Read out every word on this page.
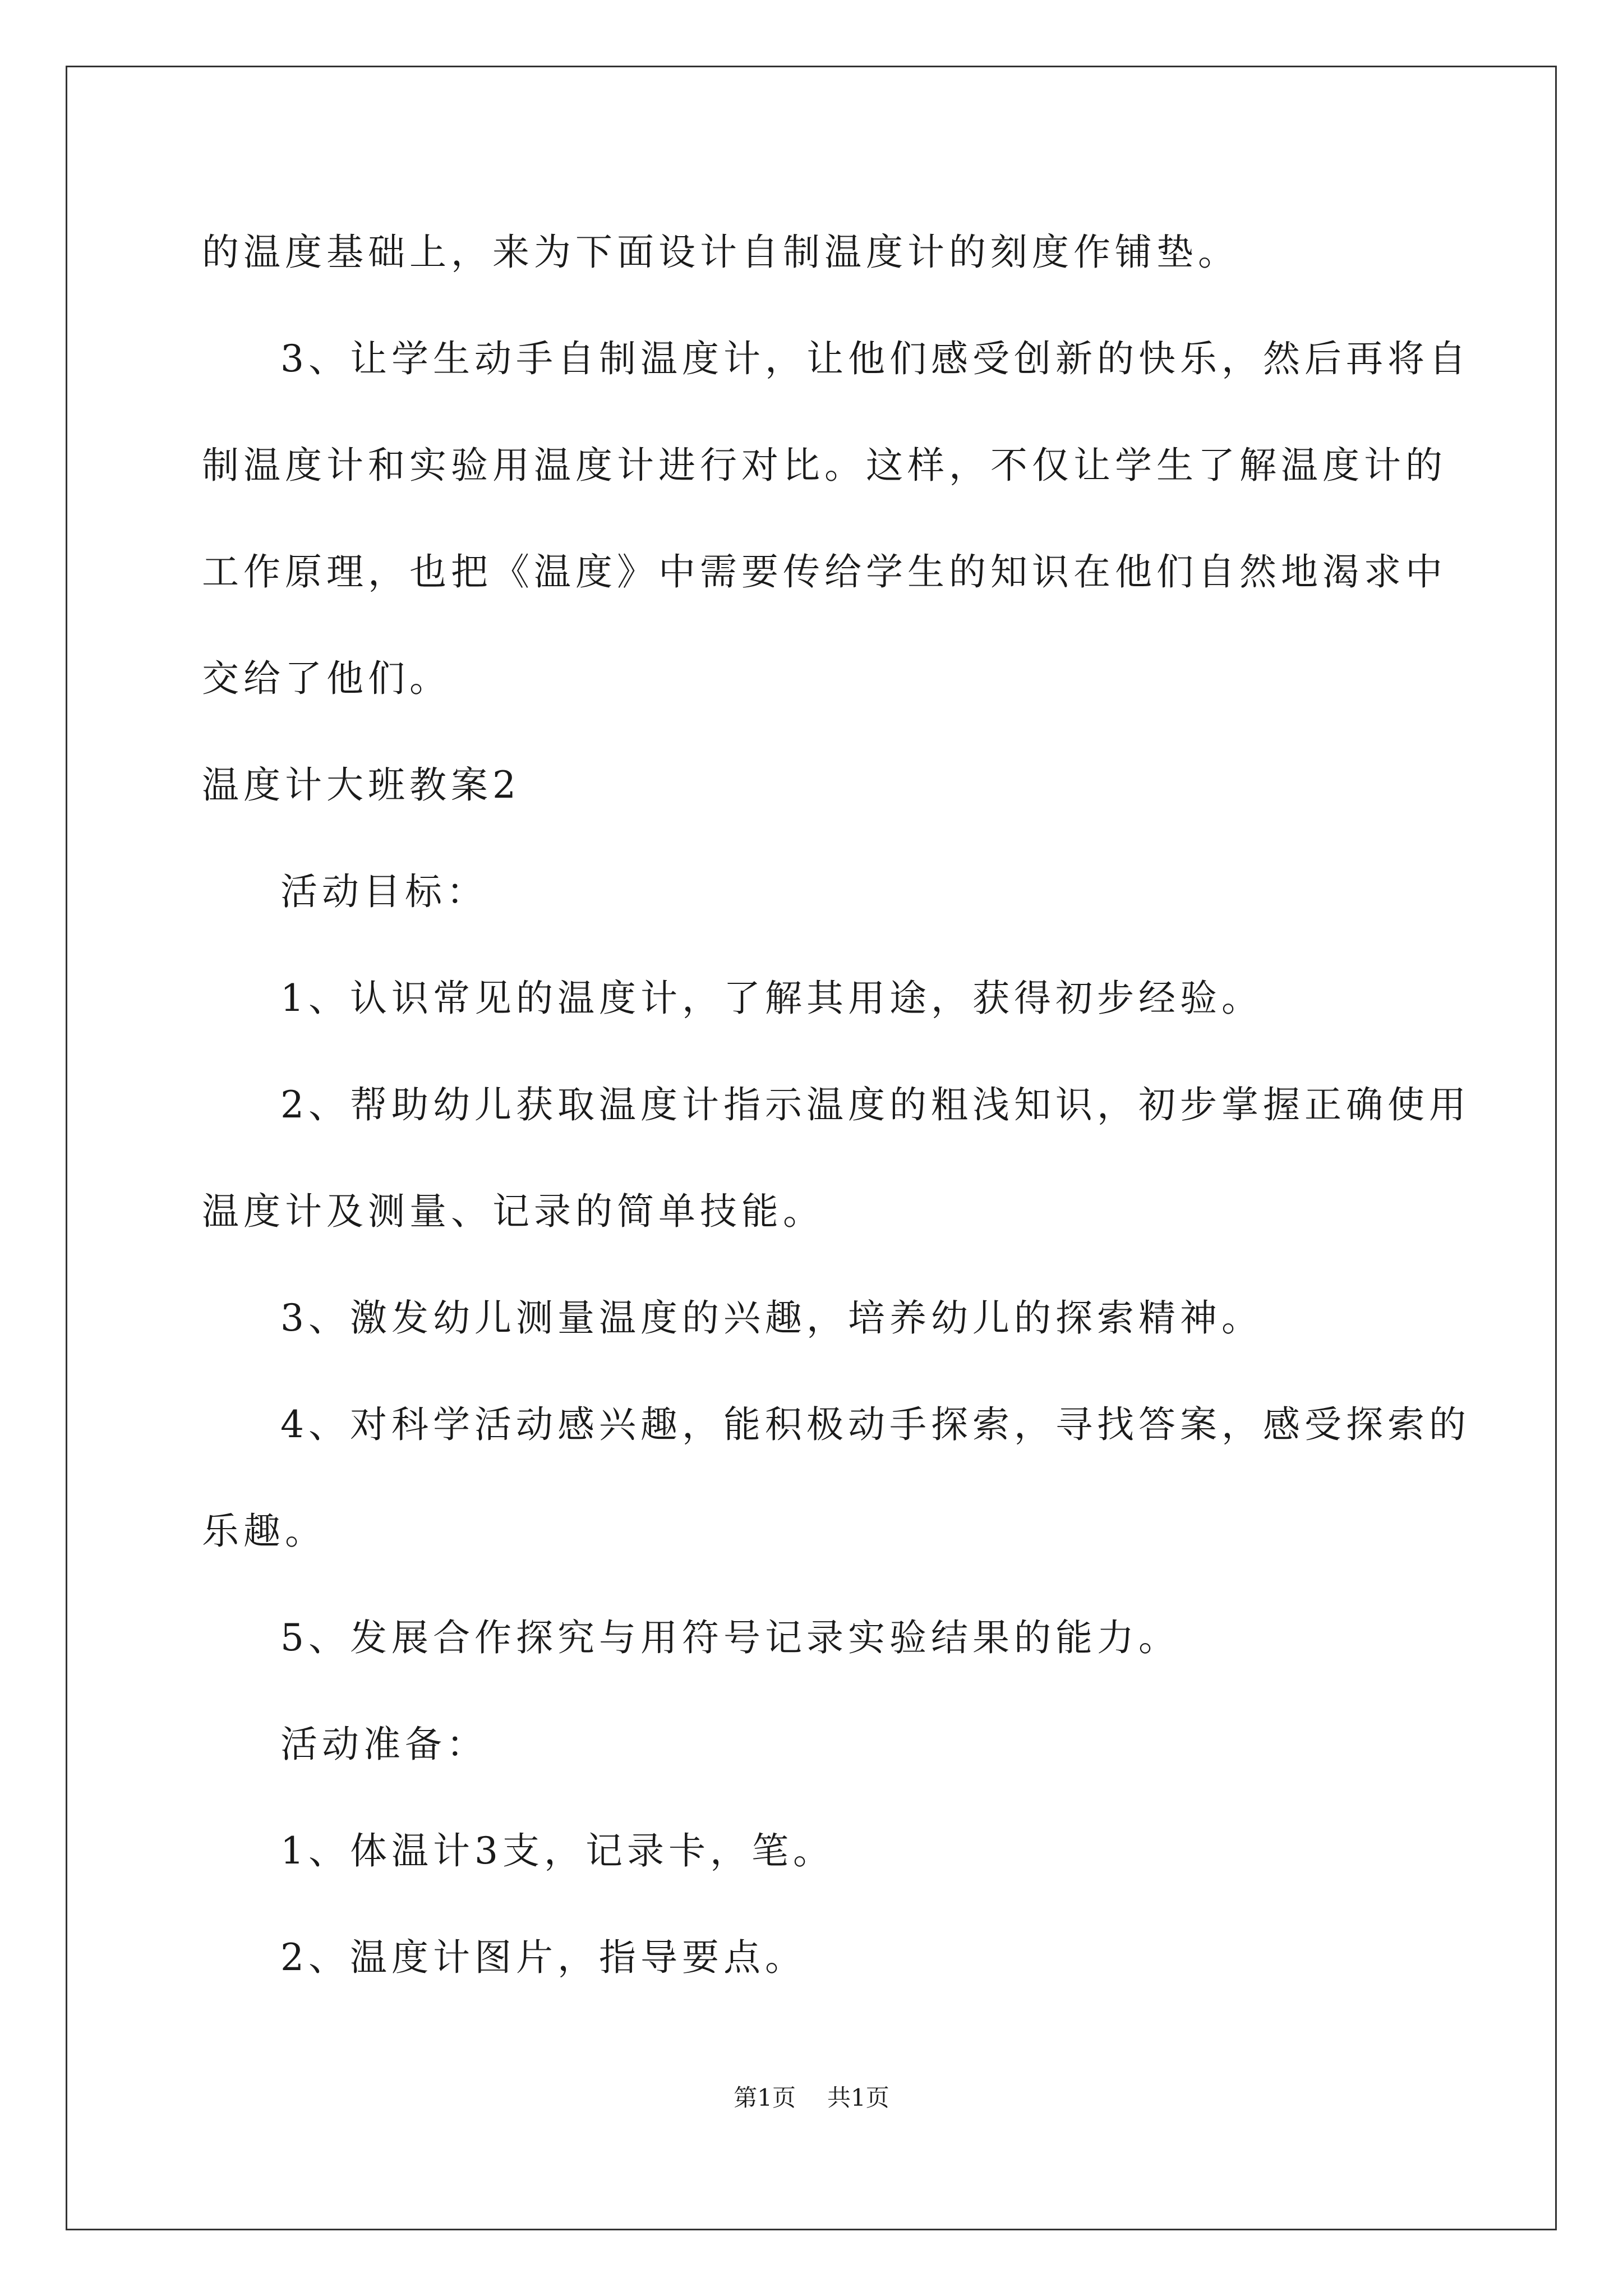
的温度基础上，来为下面设计自制温度计的刻度作铺垫。
3、让学生动手自制温度计，让他们感受创新的快乐，然后再将自
制温度计和实验用温度计进行对比。这样，不仅让学生了解温度计的
工作原理，也把《温度》中需要传给学生的知识在他们自然地渴求中
交给了他们。
温度计大班教案2
活动目标：
1、认识常见的温度计，了解其用途，获得初步经验。
2、帮助幼儿获取温度计指示温度的粗浅知识，初步掌握正确使用
温度计及测量、记录的简单技能。
3、激发幼儿测量温度的兴趣，培养幼儿的探索精神。
4、对科学活动感兴趣，能积极动手探索，寻找答案，感受探索的
乐趣。
5、发展合作探究与用符号记录实验结果的能力。
活动准备：
1、体温计3支，记录卡，笔。
2、温度计图片，指导要点。
第1页 共1页
